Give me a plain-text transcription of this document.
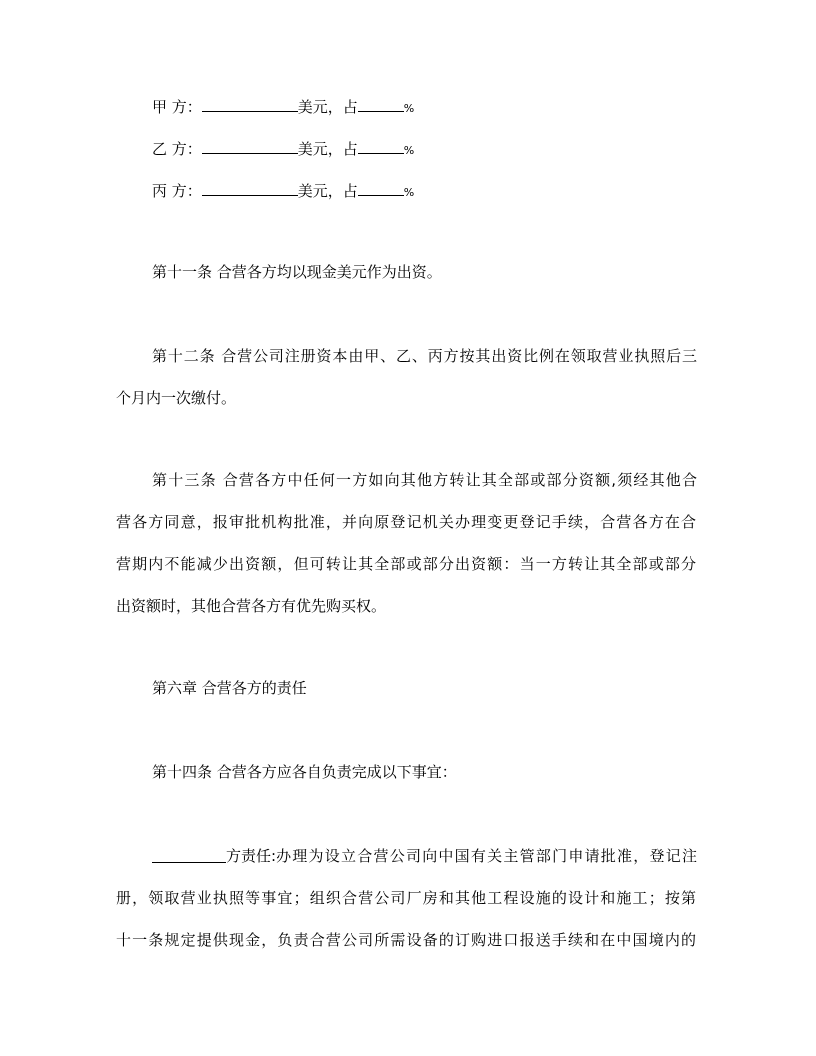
甲 方：	美元，占	%
乙 方：	美元，占	%
丙 方：	美元，占	%
第十一条 合营各方均以现金美元作为出资。
第十二条 合营公司注册资本由甲、乙、丙方按其出资比例在领取营业执照后三
个月内一次缴付。
第十三条 合营各方中任何一方如向其他方转让其全部或部分资额,须经其他合
营各方同意，报审批机构批准，并向原登记机关办理变更登记手续，合营各方在合
营期内不能减少出资额，但可转让其全部或部分出资额：当一方转让其全部或部分
出资额时，其他合营各方有优先购买权。
第六章 合营各方的责任
第十四条 合营各方应各自负责完成以下事宜：
方责任: 办理为设立合营公司向中国有关主管部门申请批准，登记注
册，领取营业执照等事宜；组织合营公司厂房和其他工程设施的设计和施工；按第
十一条规定提供现金，负责合营公司所需设备的订购进口报送手续和在中国境内的
